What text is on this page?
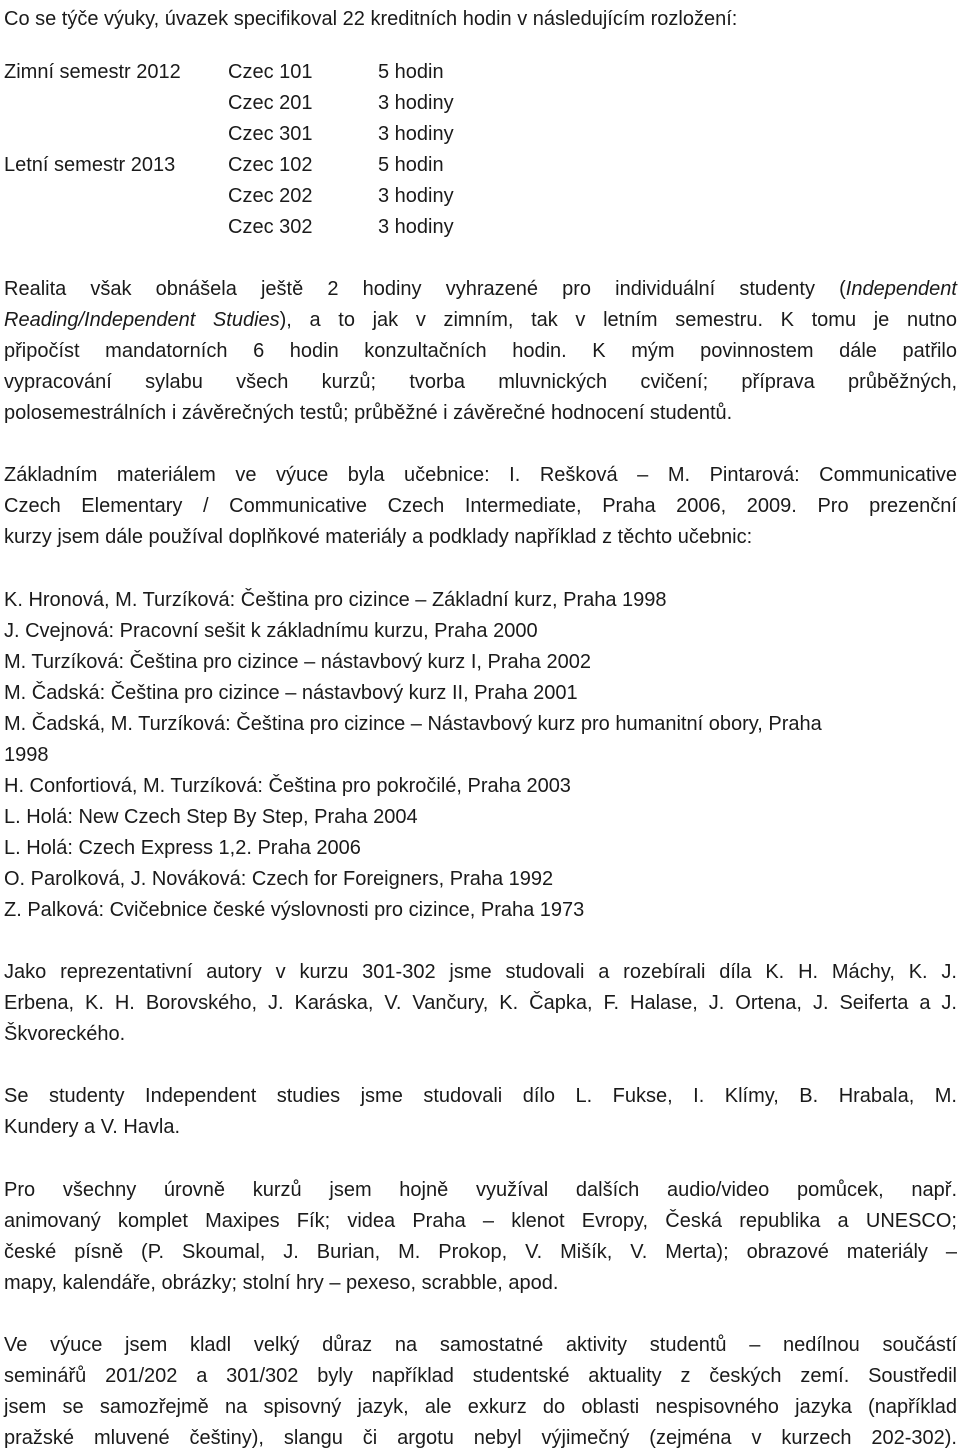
Co se týče výuky, úvazek specifikoval 22 kreditních hodin v následujícím rozložení:
Zimní semestr 2012 Czec 101	5 hodin
Czec 201	3 hodiny
Czec 301	3 hodiny
Letní semestr 2013	Czec 102	5 hodin
Czec 202	3 hodiny
Czec 302	3 hodiny
Realita však obnášela ještě 2 hodiny vyhrazené pro individuální studenty (Independent
Reading/Independent Studies), a to jak v zimním, tak v letním semestru. K tomu je nutno
připočíst mandatorních 6 hodin konzultačních hodin. K mým povinnostem dále patřilo
vypracování sylabu všech kurzů; tvorba mluvnických cvičení; příprava průběžných,
polosemestrálních i závěrečných testů; průběžné i závěrečné hodnocení studentů.
Základním materiálem ve výuce byla učebnice: I. Rešková – M. Pintarová: Communicative
Czech Elementary / Communicative Czech Intermediate, Praha 2006, 2009. Pro prezenční
kurzy jsem dále používal doplňkové materiály a podklady například z těchto učebnic:
K. Hronová, M. Turzíková: Čeština pro cizince – Základní kurz, Praha 1998
J. Cvejnová: Pracovní sešit k základnímu kurzu, Praha 2000
M. Turzíková: Čeština pro cizince – nástavbový kurz I, Praha 2002
M. Čadská: Čeština pro cizince – nástavbový kurz II, Praha 2001
M. Čadská, M. Turzíková: Čeština pro cizince – Nástavbový kurz pro humanitní obory, Praha
1998
H. Confortiová, M. Turzíková: Čeština pro pokročilé, Praha 2003
L. Holá: New Czech Step By Step, Praha 2004
L. Holá: Czech Express 1,2. Praha 2006
O. Parolková, J. Nováková: Czech for Foreigners, Praha 1992
Z. Palková: Cvičebnice české výslovnosti pro cizince, Praha 1973
Jako reprezentativní autory v kurzu 301-302 jsme studovali a rozebírali díla K. H. Máchy, K. J.
Erbena, K. H. Borovského, J. Karáska, V. Vančury, K. Čapka, F. Halase, J. Ortena, J. Seiferta a J.
Škvoreckého.
Se studenty Independent studies jsme studovali dílo L. Fukse, I. Klímy, B. Hrabala, M.
Kundery a V. Havla.
Pro všechny úrovně kurzů jsem hojně využíval dalších audio/video pomůcek, např.
animovaný komplet Maxipes Fík; videa Praha – klenot Evropy, Česká republika a UNESCO;
české písně (P. Skoumal, J. Burian, M. Prokop, V. Mišík, V. Merta); obrazové materiály –
mapy, kalendáře, obrázky; stolní hry – pexeso, scrabble, apod.
Ve výuce jsem kladl velký důraz na samostatné aktivity studentů – nedílnou součástí
seminářů 201/202 a 301/302 byly například studentské aktuality z českých zemí. Soustředil
jsem se samozřejmě na spisovný jazyk, ale exkurz do oblasti nespisovného jazyka (například
pražské mluvené češtiny), slangu či argotu nebyl výjimečný (zejména v kurzech 202-302).
